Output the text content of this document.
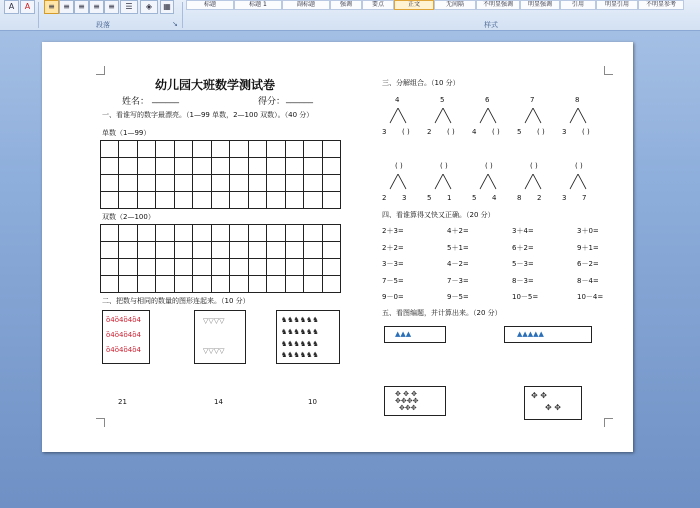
A	A	≡	≡	≡	≡	≡	☰	◈	▦
段落	↘
标题	标题 1	副标题	强调	要点	正文	无间隔	不明显强调	明显强调	引用	明显引用	不明显参考
样式
幼儿园大班数学测试卷
姓名： ______	得分： ______
一、看谁写的数字最漂亮。（1—99 单数，2—100 双数）。（40 分）
单数（1—99）
双数（2—100）
二、把数与相同的数量的图形连起来。（10 分）
ὃ4ὃ4ὃ4ὃ4
ὃ4ὃ4ὃ4ὃ4
ὃ4ὃ4ὃ4ὃ4
▽▽▽▽
▽▽▽▽
♞♞♞♞♞♞
♞♞♞♞♞♞
♞♞♞♞♞♞
♞♞♞♞♞♞
21	14	10
三、分解组合。（10 分）
四、看谁算得又快又正确。（20 分）
五、看图编题，并计算出来。（20 分）
▲▲▲	▲▲▲▲▲
✥ ✥ ✥
✥✥✥✥
✥✥✥
✥ ✥
✥ ✥
4
3 ( )
5
2 ( )
6
4 ( )
7
5 ( )
8
3 ( )
( )
2 3
( )
5 1
( )
5 4
( )
8 2
( )
3 7
2＋3=	4＋2=	3＋4=	3＋0=
2＋2=	5＋1=	6＋2=	9＋1=
3－3=	4－2=	5－3=	6－2=
7－5=	7－3=	8－3=	8－4=
9－0=	9－5=	10－5=	10－4=
